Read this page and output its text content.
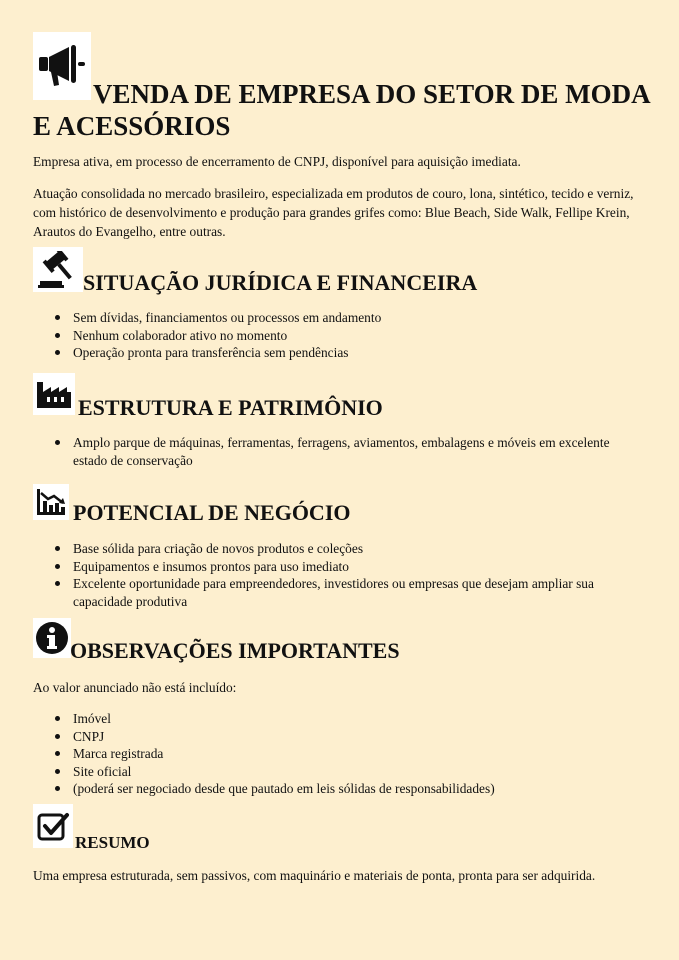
VENDA DE EMPRESA DO SETOR DE MODA E ACESSÓRIOS

Empresa ativa, em processo de encerramento de CNPJ, disponível para aquisição imediata.

Atuação consolidada no mercado brasileiro, especializada em produtos de couro, lona, sintético, tecido e verniz, com histórico de desenvolvimento e produção para grandes grifes como: Blue Beach, Side Walk, Fellipe Krein, Arautos do Evangelho, entre outras.

SITUAÇÃO JURÍDICA E FINANCEIRA
Sem dívidas, financiamentos ou processos em andamento
Nenhum colaborador ativo no momento
Operação pronta para transferência sem pendências
ESTRUTURA E PATRIMÔNIO
Amplo parque de máquinas, ferramentas, ferragens, aviamentos, embalagens e móveis em excelente estado de conservação
POTENCIAL DE NEGÓCIO
Base sólida para criação de novos produtos e coleções
Equipamentos e insumos prontos para uso imediato
Excelente oportunidade para empreendedores, investidores ou empresas que desejam ampliar sua capacidade produtiva
OBSERVAÇÕES IMPORTANTES

Ao valor anunciado não está incluído:

Imóvel
CNPJ
Marca registrada
Site oficial
(poderá ser negociado desde que pautado em leis sólidas de responsabilidades)
RESUMO

Uma empresa estruturada, sem passivos, com maquinário e materiais de ponta, pronta para ser adquirida.
